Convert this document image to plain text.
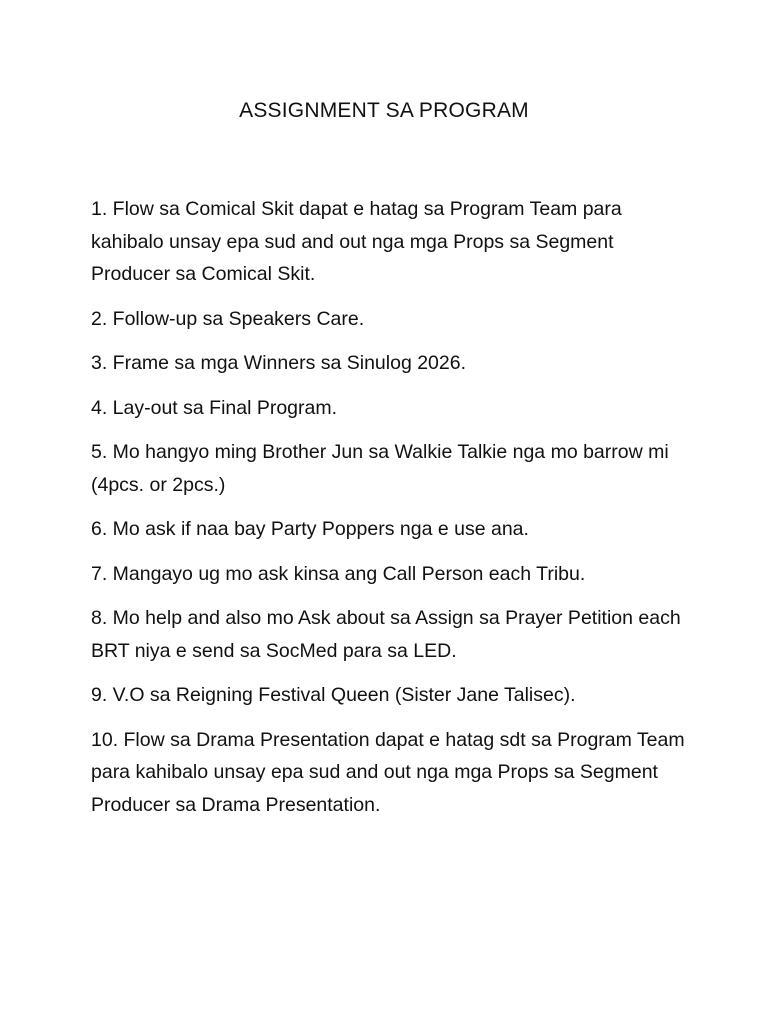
ASSIGNMENT SA PROGRAM
1. Flow sa Comical Skit dapat e hatag sa Program Team para kahibalo unsay epa sud and out nga mga Props sa Segment Producer sa Comical Skit.
2. Follow-up sa Speakers Care.
3. Frame sa mga Winners sa Sinulog 2026.
4. Lay-out sa Final Program.
5. Mo hangyo ming Brother Jun sa Walkie Talkie nga mo barrow mi (4pcs. or 2pcs.)
6. Mo ask if naa bay Party Poppers nga e use ana.
7. Mangayo ug mo ask kinsa ang Call Person each Tribu.
8. Mo help and also mo Ask about sa Assign sa Prayer Petition each BRT niya e send sa SocMed para sa LED.
9. V.O sa Reigning Festival Queen (Sister Jane Talisec).
10. Flow sa Drama Presentation dapat e hatag sdt sa Program Team para kahibalo unsay epa sud and out nga mga Props sa Segment Producer sa Drama Presentation.
